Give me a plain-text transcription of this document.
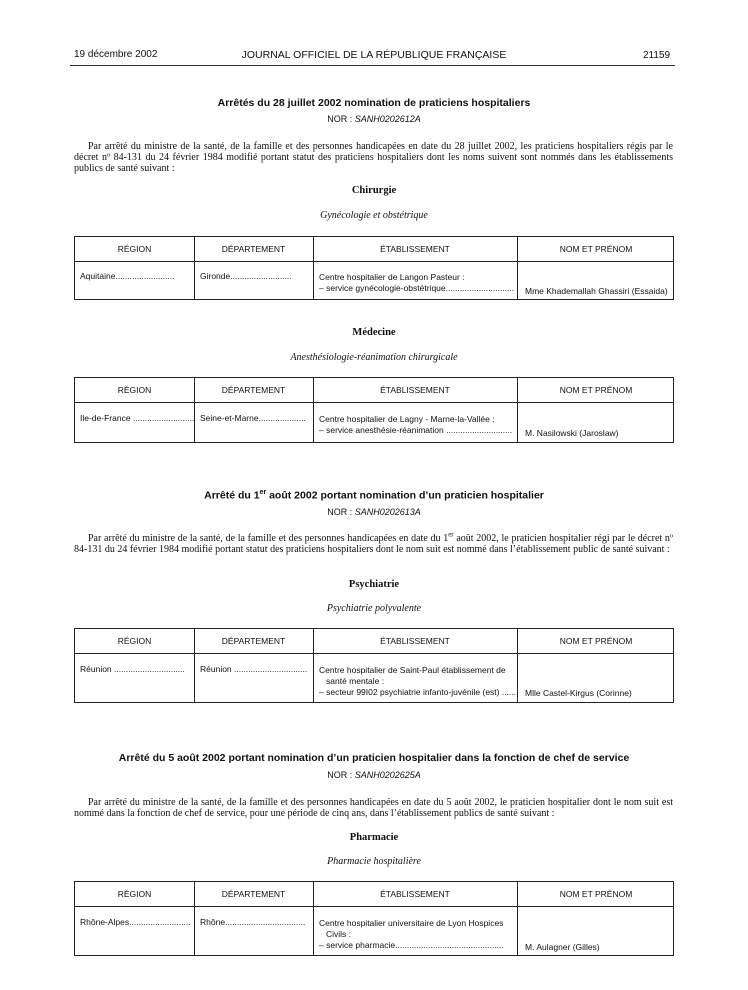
19 décembre 2002	JOURNAL OFFICIEL DE LA RÉPUBLIQUE FRANÇAISE	21159
Arrêtés du 28 juillet 2002 nomination de praticiens hospitaliers
NOR : SANH0202612A
Par arrêté du ministre de la santé, de la famille et des personnes handicapées en date du 28 juillet 2002, les praticiens hospitaliers régis par le décret nº 84-131 du 24 février 1984 modifié portant statut des praticiens hospitaliers dont les noms suivent sont nommés dans les établissements publics de santé suivant :
Chirurgie
Gynécologie et obstétrique
RÉGION	DÉPARTEMENT	ÉTABLISSEMENT	NOM ET PRÉNOM
Aquitaine.........................	Gironde..........................	Centre hospitalier de Langon Pasteur :
– service gynécologie-obstétrique............................. Mme Khademallah Ghassiri (Essaida)
Médecine
Anesthésiologie-réanimation chirurgicale
RÉGION	DÉPARTEMENT	ÉTABLISSEMENT	NOM ET PRÉNOM
Ile-de-France .......................... Seine-et-Marne.................... Centre hospitalier de Lagny - Marne-la-Vallée :
– service anesthésie-réanimation ............................ M. Nasilowski (Jaroslaw)
Arrêté du 1er août 2002 portant nomination d’un praticien hospitalier
NOR : SANH0202613A
Par arrêté du ministre de la santé, de la famille et des personnes handicapées en date du 1er août 2002, le praticien hospitalier régi par le décret nº 84-131 du 24 février 1984 modifié portant statut des praticiens hospitaliers dont le nom suit est nommé dans l’établissement public de santé suivant :
Psychiatrie
Psychiatrie polyvalente
RÉGION	DÉPARTEMENT	ÉTABLISSEMENT	NOM ET PRÉNOM
Réunion .............................. Réunion ............................... Centre hospitalier de Saint-Paul établissement de
santé mentale :
– secteur 99I02 psychiatrie infanto-juvénile (est) ...... Mlle Castel-Kirgus (Corinne)
Arrêté du 5 août 2002 portant nomination d’un praticien hospitalier dans la fonction de chef de service
NOR : SANH0202625A
Par arrêté du ministre de la santé, de la famille et des personnes handicapées en date du 5 août 2002, le praticien hospitalier dont le nom suit est nommé dans la fonction de chef de service, pour une période de cinq ans, dans l’établissement publics de santé suivant :
Pharmacie
Pharmacie hospitalière
RÉGION	DÉPARTEMENT	ÉTABLISSEMENT	NOM ET PRÉNOM
Rhône-Alpes.......................... Rhône.................................. Centre hospitalier universitaire de Lyon Hospices
Civils :
– service pharmacie..............................................	M. Aulagner (Gilles)
